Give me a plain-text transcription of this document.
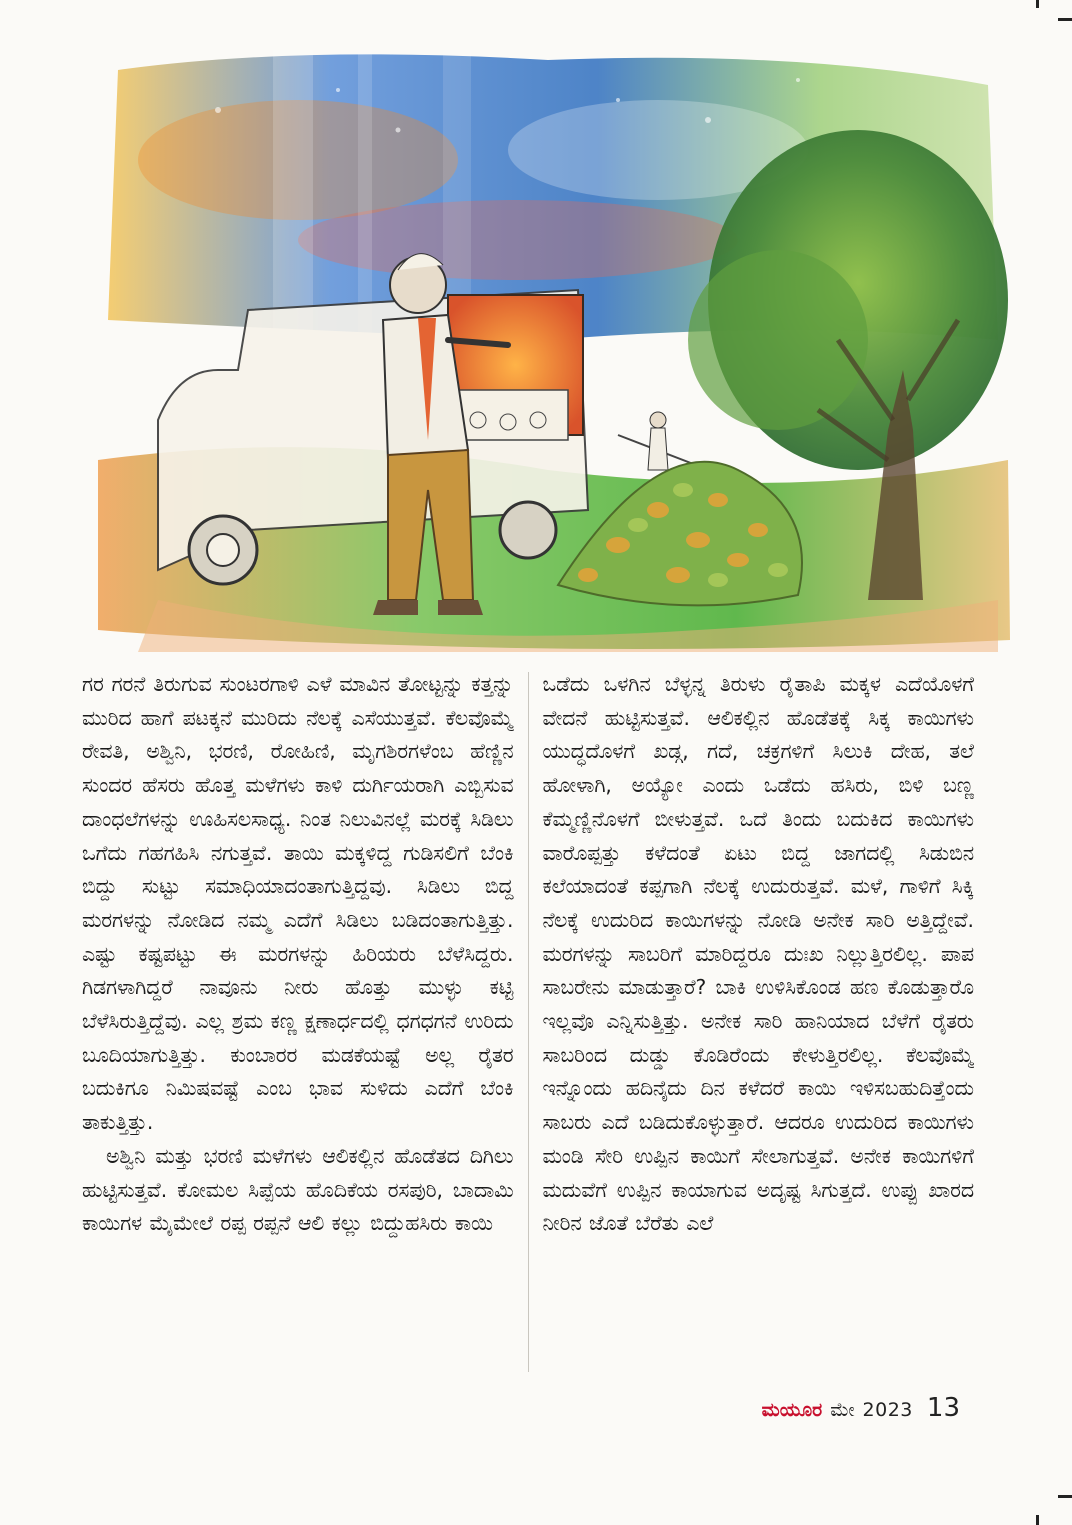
ಗರ ಗರನೆ ತಿರುಗುವ ಸುಂಟರಗಾಳಿ ಎಳೆ ಮಾವಿನ ತೋಟ್ಟನ್ನು ಕತ್ತನ್ನು ಮುರಿದ ಹಾಗೆ ಪಟಕ್ಕನೆ ಮುರಿದು ನೆಲಕ್ಕೆ ಎಸೆಯುತ್ತವೆ. ಕೆಲವೊಮ್ಮೆ ರೇವತಿ, ಅಶ್ವಿನಿ, ಭರಣಿ, ರೋಹಿಣಿ, ಮೃಗಶಿರಗಳೆಂಬ ಹೆಣ್ಣಿನ ಸುಂದರ ಹೆಸರು ಹೊತ್ತ ಮಳೆಗಳು ಕಾಳಿ ದುರ್ಗಿಯರಾಗಿ ಎಬ್ಬಿಸುವ ದಾಂಧಲೆಗಳನ್ನು ಊಹಿಸಲಸಾಧ್ಯ. ನಿಂತ ನಿಲುವಿನಲ್ಲೆ ಮರಕ್ಕೆ ಸಿಡಿಲು ಒಗೆದು ಗಹಗಹಿಸಿ ನಗುತ್ತವೆ. ತಾಯಿ ಮಕ್ಕಳಿದ್ದ ಗುಡಿಸಲಿಗೆ ಬೆಂಕಿ ಬಿದ್ದು ಸುಟ್ಟು ಸಮಾಧಿಯಾದಂತಾಗುತ್ತಿದ್ದವು. ಸಿಡಿಲು ಬಿದ್ದ ಮರಗಳನ್ನು ನೋಡಿದ ನಮ್ಮ ಎದೆಗೆ ಸಿಡಿಲು ಬಡಿದಂತಾಗುತ್ತಿತ್ತು. ಎಷ್ಟು ಕಷ್ಟಪಟ್ಟು ಈ ಮರಗಳನ್ನು ಹಿರಿಯರು ಬೆಳೆಸಿದ್ದರು. ಗಿಡಗಳಾಗಿದ್ದರೆ ನಾವೂನು ನೀರು ಹೊತ್ತು ಮುಳ್ಳು ಕಟ್ಟಿ ಬೆಳೆಸಿರುತ್ತಿದ್ದೆವು. ಎಲ್ಲ ಶ್ರಮ ಕಣ್ಣ ಕ್ಷಣಾರ್ಧದಲ್ಲಿ ಧಗಧಗನೆ ಉರಿದು ಬೂದಿಯಾಗುತ್ತಿತ್ತು. ಕುಂಬಾರರ ಮಡಕೆಯಷ್ಟೆ ಅಲ್ಲ ರೈತರ ಬದುಕಿಗೂ ನಿಮಿಷವಷ್ಟೆ ಎಂಬ ಭಾವ ಸುಳಿದು ಎದೆಗೆ ಬೆಂಕಿ ತಾಕುತ್ತಿತ್ತು.

ಅಶ್ವಿನಿ ಮತ್ತು ಭರಣಿ ಮಳೆಗಳು ಆಲಿಕಲ್ಲಿನ ಹೊಡೆತದ ದಿಗಿಲು ಹುಟ್ಟಿಸುತ್ತವೆ. ಕೋಮಲ ಸಿಪ್ಪೆಯ ಹೊದಿಕೆಯ ರಸಪುರಿ, ಬಾದಾಮಿ ಕಾಯಿಗಳ ಮೈಮೇಲೆ ರಪ್ಪ ರಪ್ಪನೆ ಆಲಿ ಕಲ್ಲು ಬಿದ್ದುಹಸಿರು ಕಾಯಿ

ಒಡೆದು ಒಳಗಿನ ಬೆಳ್ಳನ್ನ ತಿರುಳು ರೈತಾಪಿ ಮಕ್ಕಳ ಎದೆಯೊಳಗೆ ವೇದನೆ ಹುಟ್ಟಿಸುತ್ತವೆ. ಆಲಿಕಲ್ಲಿನ ಹೊಡೆತಕ್ಕೆ ಸಿಕ್ಕ ಕಾಯಿಗಳು ಯುದ್ಧದೊಳಗೆ ಖಡ್ಗ, ಗದೆ, ಚಕ್ರಗಳಿಗೆ ಸಿಲುಕಿ ದೇಹ, ತಲೆ ಹೋಳಾಗಿ, ಅಯ್ಯೋ ಎಂದು ಒಡೆದು ಹಸಿರು, ಬಿಳಿ ಬಣ್ಣ ಕೆಮ್ಮಣ್ಣಿನೊಳಗೆ ಬೀಳುತ್ತವೆ. ಒದೆ ತಿಂದು ಬದುಕಿದ ಕಾಯಿಗಳು ವಾರೊಪ್ಪತ್ತು ಕಳೆದಂತೆ ಏಟು ಬಿದ್ದ ಜಾಗದಲ್ಲಿ ಸಿಡುಬಿನ ಕಲೆಯಾದಂತೆ ಕಪ್ಪಗಾಗಿ ನೆಲಕ್ಕೆ ಉದುರುತ್ತವೆ. ಮಳೆ, ಗಾಳಿಗೆ ಸಿಕ್ಕಿ ನೆಲಕ್ಕೆ ಉದುರಿದ ಕಾಯಿಗಳನ್ನು ನೋಡಿ ಅನೇಕ ಸಾರಿ ಅತ್ತಿದ್ದೇವೆ. ಮರಗಳನ್ನು ಸಾಬರಿಗೆ ಮಾರಿದ್ದರೂ ದುಃಖ ನಿಲ್ಲುತ್ತಿರಲಿಲ್ಲ. ಪಾಪ ಸಾಬರೇನು ಮಾಡುತ್ತಾರೆ? ಬಾಕಿ ಉಳಿಸಿಕೊಂಡ ಹಣ ಕೊಡುತ್ತಾರೊ ಇಲ್ಲವೊ ಎನ್ನಿಸುತ್ತಿತ್ತು. ಅನೇಕ ಸಾರಿ ಹಾನಿಯಾದ ಬೆಳೆಗೆ ರೈತರು ಸಾಬರಿಂದ ದುಡ್ಡು ಕೊಡಿರೆಂದು ಕೇಳುತ್ತಿರಲಿಲ್ಲ. ಕೆಲವೊಮ್ಮೆ ಇನ್ನೊಂದು ಹದಿನೈದು ದಿನ ಕಳೆದರೆ ಕಾಯಿ ಇಳಿಸಬಹುದಿತ್ತೆಂದು ಸಾಬರು ಎದೆ ಬಡಿದುಕೊಳ್ಳುತ್ತಾರೆ. ಆದರೂ ಉದುರಿದ ಕಾಯಿಗಳು ಮಂಡಿ ಸೇರಿ ಉಪ್ಪಿನ ಕಾಯಿಗೆ ಸೇಲಾಗುತ್ತವೆ. ಅನೇಕ ಕಾಯಿಗಳಿಗೆ ಮದುವೆಗೆ ಉಪ್ಪಿನ ಕಾಯಾಗುವ ಅದೃಷ್ಟ ಸಿಗುತ್ತದೆ. ಉಪ್ಪು ಖಾರದ ನೀರಿನ ಜೊತೆ ಬೆರೆತು ಎಲೆ

ಮಯೂರ ಮೇ 2023 13
